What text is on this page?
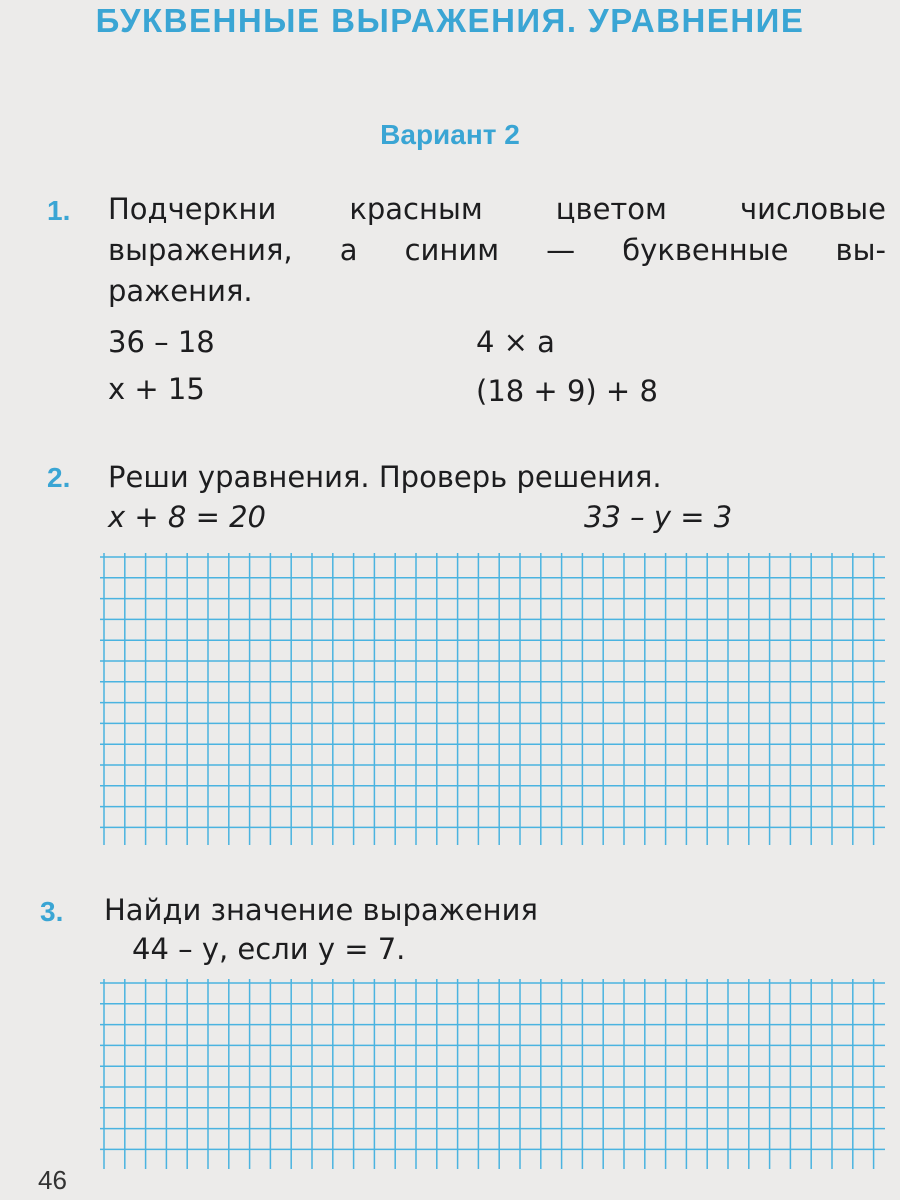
БУКВЕННЫЕ ВЫРАЖЕНИЯ. УРАВНЕНИЕ
Вариант 2
1. Подчеркни красным цветом числовые
выражения, а синим — буквенные вы-
ражения.
36 – 18	4 × a
x + 15	(18 + 9) + 8
2. Реши уравнения. Проверь решения.
x + 8 = 20	33 – y = 3
3. Найди значение выражения
44 – y, если y = 7.
46
